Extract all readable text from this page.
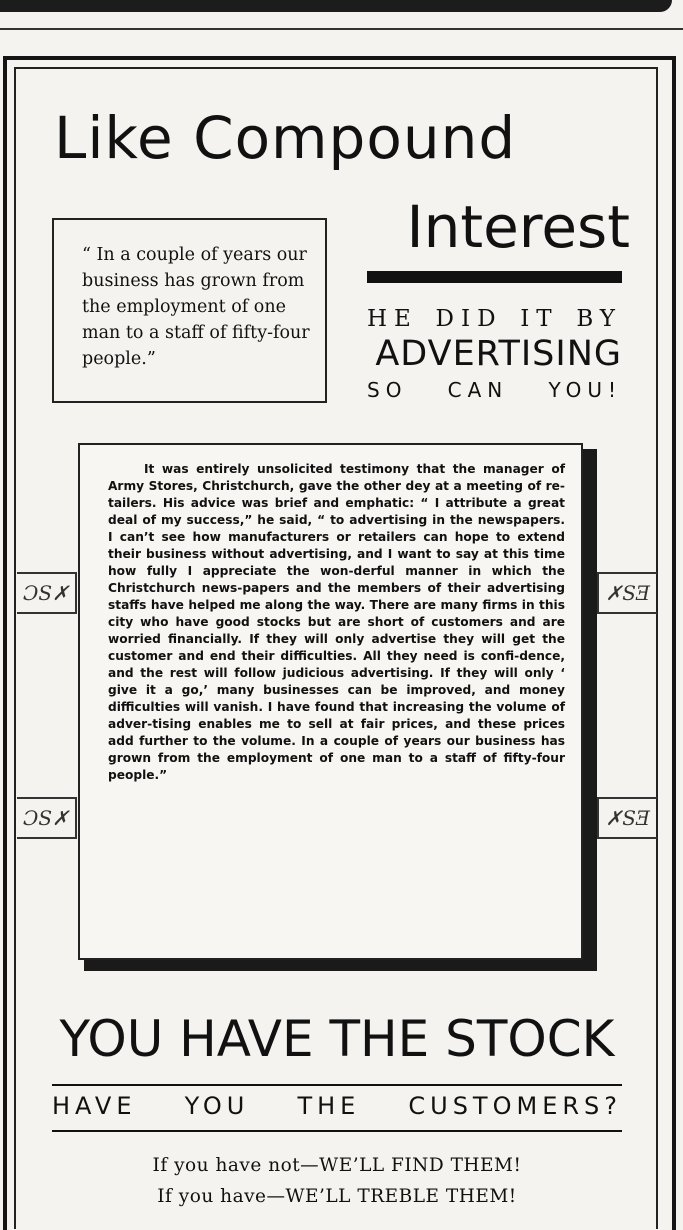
Like Compound
Interest
“ In a couple of years our business has grown from the employment of one man to a staff of fifty-four people.”
HE DID IT BY
ADVERTISING
SO CAN YOU!

It was entirely unsolicited testimony that the manager of Army Stores, Christchurch, gave the other dey at a meeting of re-tailers. His advice was brief and emphatic: “ I attribute a great deal of my success,” he said, “ to advertising in the newspapers. I can’t see how manufacturers or retailers can hope to extend their business without advertising, and I want to say at this time how fully I appreciate the won-derful manner in which the Christchurch news-papers and the members of their advertising staffs have helped me along the way. There are many firms in this city who have good stocks but are short of customers and are worried financially. If they will only advertise they will get the customer and end their difficulties. All they need is confi-dence, and the rest will follow judicious advertising. If they will only ‘ give it a go,’ many businesses can be improved, and money difficulties will vanish. I have found that increasing the volume of adver-tising enables me to sell at fair prices, and these prices add further to the volume. In a couple of years our business has grown from the employment of one man to a staff of fifty-four people.”

ƆS✗	✗SƎ
ƆS✗	✗SƎ
YOU HAVE THE STOCK
HAVE YOU THE CUSTOMERS?
If you have not—WE’LL FIND THEM!
If you have—WE’LL TREBLE THEM!
